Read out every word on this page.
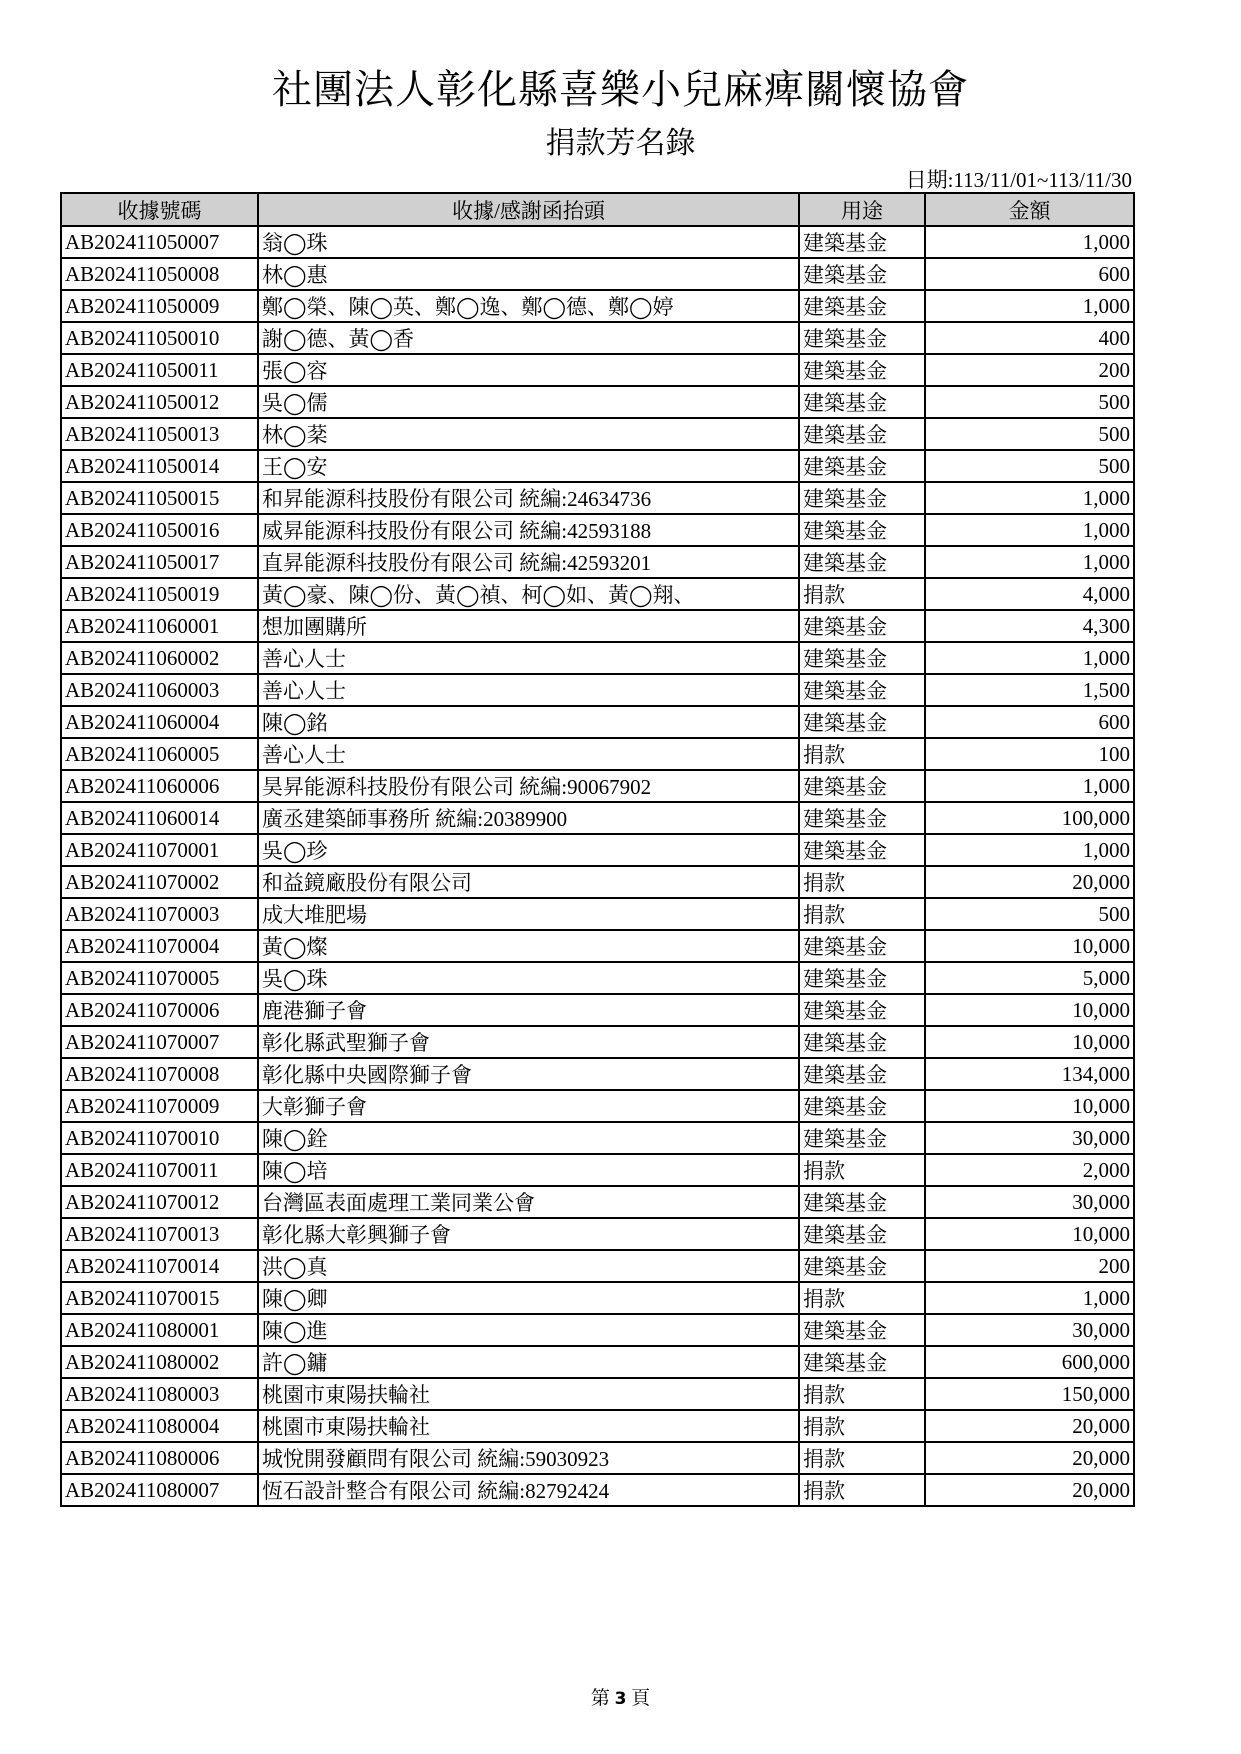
社團法人彰化縣喜樂小兒麻痺關懷協會
捐款芳名錄
日期:113/11/01~113/11/30
收據號碼	收據/感謝函抬頭	用途	金額
AB202411050007	翁◯珠	建築基金	1,000
AB202411050008	林◯惠	建築基金	600
AB202411050009	鄭◯榮、陳◯英、鄭◯逸、鄭◯德、鄭◯婷	建築基金	1,000
AB202411050010	謝◯德、黃◯香	建築基金	400
AB202411050011	張◯容	建築基金	200
AB202411050012	吳◯儒	建築基金	500
AB202411050013	林◯棻	建築基金	500
AB202411050014	王◯安	建築基金	500
AB202411050015	和昇能源科技股份有限公司 統編:24634736	建築基金	1,000
AB202411050016	威昇能源科技股份有限公司 統編:42593188	建築基金	1,000
AB202411050017	直昇能源科技股份有限公司 統編:42593201	建築基金	1,000
AB202411050019	黃◯豪、陳◯份、黃◯禎、柯◯如、黃◯翔、	捐款	4,000
AB202411060001	想加團購所	建築基金	4,300
AB202411060002	善心人士	建築基金	1,000
AB202411060003	善心人士	建築基金	1,500
AB202411060004	陳◯銘	建築基金	600
AB202411060005	善心人士	捐款	100
AB202411060006	昊昇能源科技股份有限公司 統編:90067902	建築基金	1,000
AB202411060014	廣丞建築師事務所 統編:20389900	建築基金	100,000
AB202411070001	吳◯珍	建築基金	1,000
AB202411070002	和益鏡廠股份有限公司	捐款	20,000
AB202411070003	成大堆肥場	捐款	500
AB202411070004	黃◯燦	建築基金	10,000
AB202411070005	吳◯珠	建築基金	5,000
AB202411070006	鹿港獅子會	建築基金	10,000
AB202411070007	彰化縣武聖獅子會	建築基金	10,000
AB202411070008	彰化縣中央國際獅子會	建築基金	134,000
AB202411070009	大彰獅子會	建築基金	10,000
AB202411070010	陳◯銓	建築基金	30,000
AB202411070011	陳◯培	捐款	2,000
AB202411070012	台灣區表面處理工業同業公會	建築基金	30,000
AB202411070013	彰化縣大彰興獅子會	建築基金	10,000
AB202411070014	洪◯真	建築基金	200
AB202411070015	陳◯卿	捐款	1,000
AB202411080001	陳◯進	建築基金	30,000
AB202411080002	許◯鏞	建築基金	600,000
AB202411080003	桃園市東陽扶輪社	捐款	150,000
AB202411080004	桃園市東陽扶輪社	捐款	20,000
AB202411080006	城悅開發顧問有限公司 統編:59030923	捐款	20,000
AB202411080007	恆石設計整合有限公司 統編:82792424	捐款	20,000
第 3 頁
